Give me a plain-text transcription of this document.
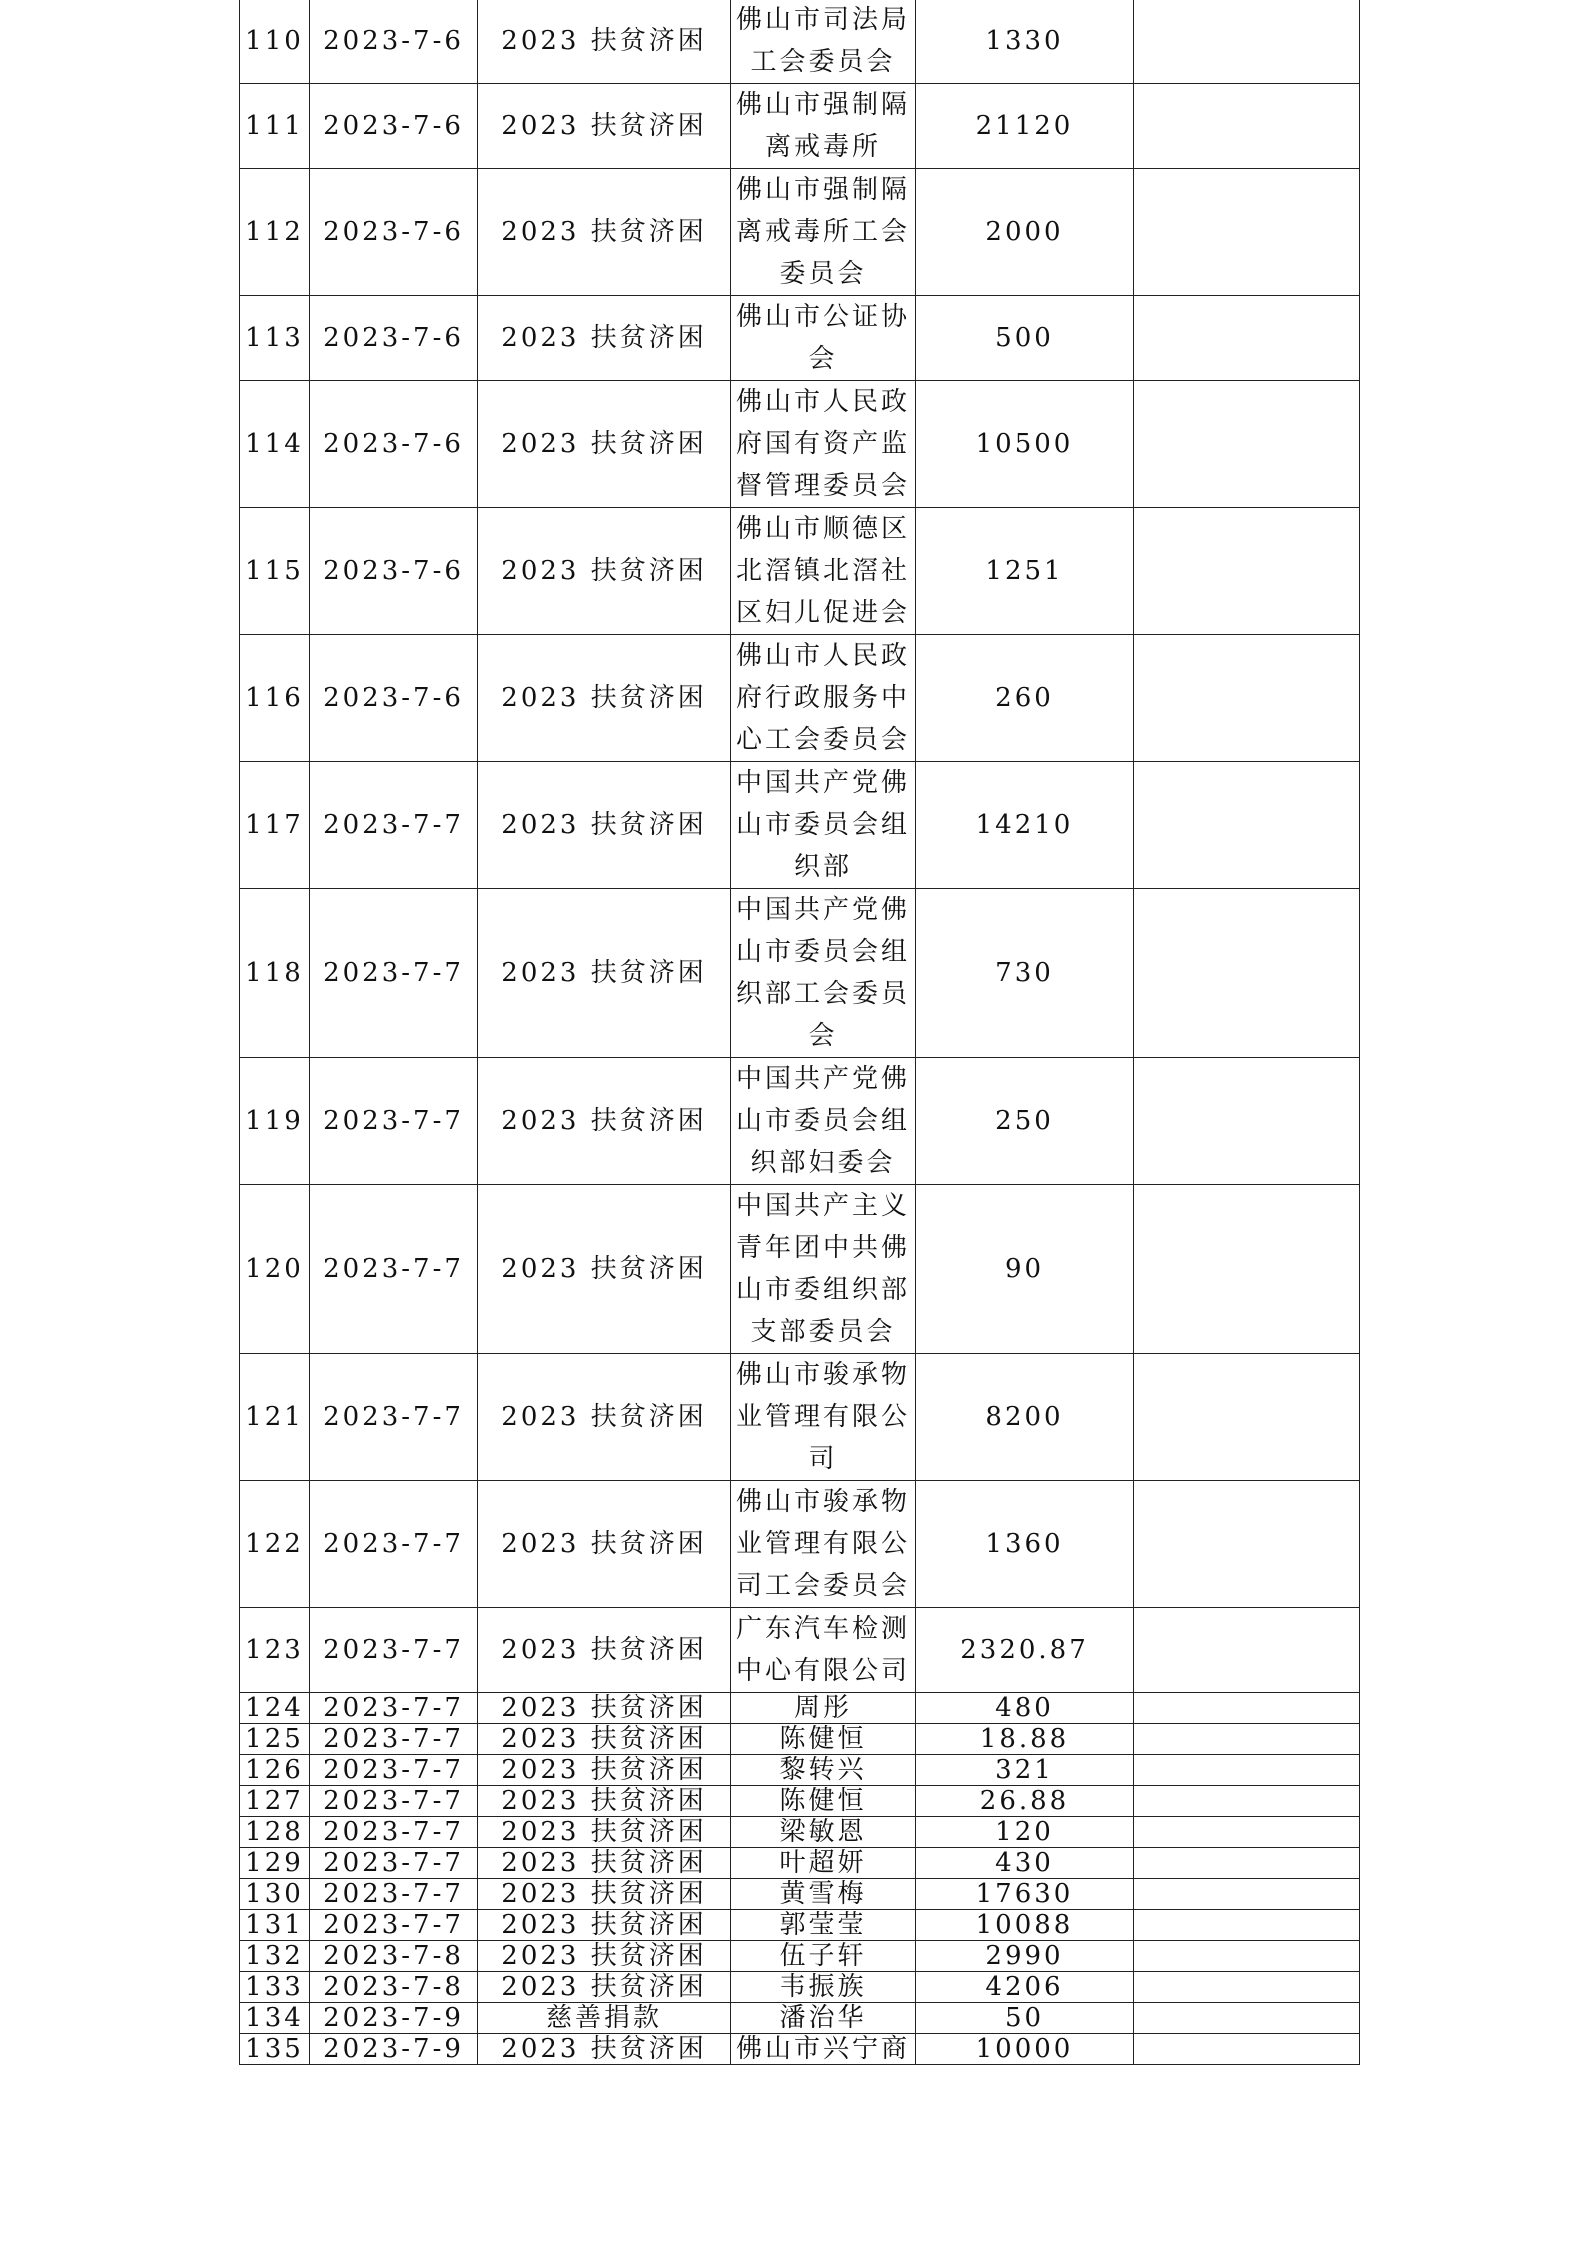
110	2023-7-6	2023 扶贫济困	佛山市司法局工会委员会	1330	
111	2023-7-6	2023 扶贫济困	佛山市强制隔离戒毒所	21120	
112	2023-7-6	2023 扶贫济困	佛山市强制隔离戒毒所工会委员会	2000	
113	2023-7-6	2023 扶贫济困	佛山市公证协会	500	
114	2023-7-6	2023 扶贫济困	佛山市人民政府国有资产监督管理委员会	10500	
115	2023-7-6	2023 扶贫济困	佛山市顺德区北滘镇北滘社区妇儿促进会	1251	
116	2023-7-6	2023 扶贫济困	佛山市人民政府行政服务中心工会委员会	260	
117	2023-7-7	2023 扶贫济困	中国共产党佛山市委员会组织部	14210	
118	2023-7-7	2023 扶贫济困	中国共产党佛山市委员会组织部工会委员会	730	
119	2023-7-7	2023 扶贫济困	中国共产党佛山市委员会组织部妇委会	250	
120	2023-7-7	2023 扶贫济困	中国共产主义青年团中共佛山市委组织部支部委员会	90	
121	2023-7-7	2023 扶贫济困	佛山市骏承物业管理有限公司	8200	
122	2023-7-7	2023 扶贫济困	佛山市骏承物业管理有限公司工会委员会	1360	
123	2023-7-7	2023 扶贫济困	广东汽车检测中心有限公司	2320.87	
124	2023-7-7	2023 扶贫济困	周彤	480	
125	2023-7-7	2023 扶贫济困	陈健恒	18.88	
126	2023-7-7	2023 扶贫济困	黎转兴	321	
127	2023-7-7	2023 扶贫济困	陈健恒	26.88	
128	2023-7-7	2023 扶贫济困	梁敏恩	120	
129	2023-7-7	2023 扶贫济困	叶超妍	430	
130	2023-7-7	2023 扶贫济困	黄雪梅	17630	
131	2023-7-7	2023 扶贫济困	郭莹莹	10088	
132	2023-7-8	2023 扶贫济困	伍子轩	2990	
133	2023-7-8	2023 扶贫济困	韦振族	4206	
134	2023-7-9	慈善捐款	潘治华	50	
135	2023-7-9	2023 扶贫济困	佛山市兴宁商	10000	
